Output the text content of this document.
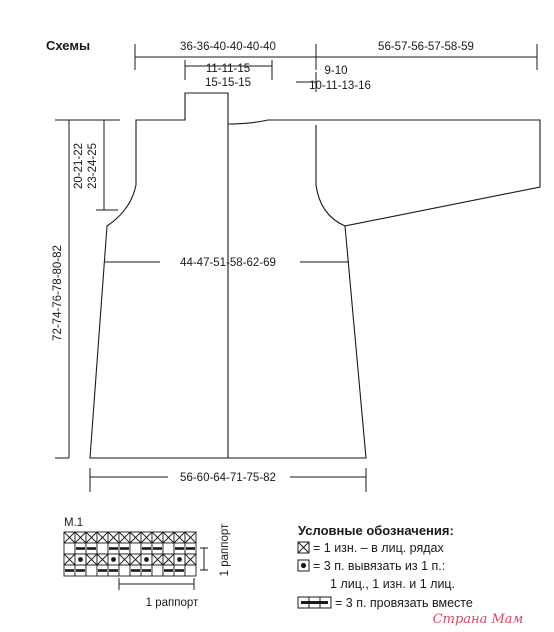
Схемы	36-36-40-40-40-40	56-57-56-57-58-59
11-11-15
15-15-15
9-10
10-11-13-16
72-74-76-78-80-82
20-21-22 23-24-25
44-47-51-58-62-69
56-60-64-71-75-82
M.1
1 раппорт
1 раппорт	Условные обозначения:
= 1 изн. – в лиц. рядах
= 3 п. вывязать из 1 п.:
1 лиц., 1 изн. и 1 лиц.
= 3 п. провязать вместе
Страна Мам
